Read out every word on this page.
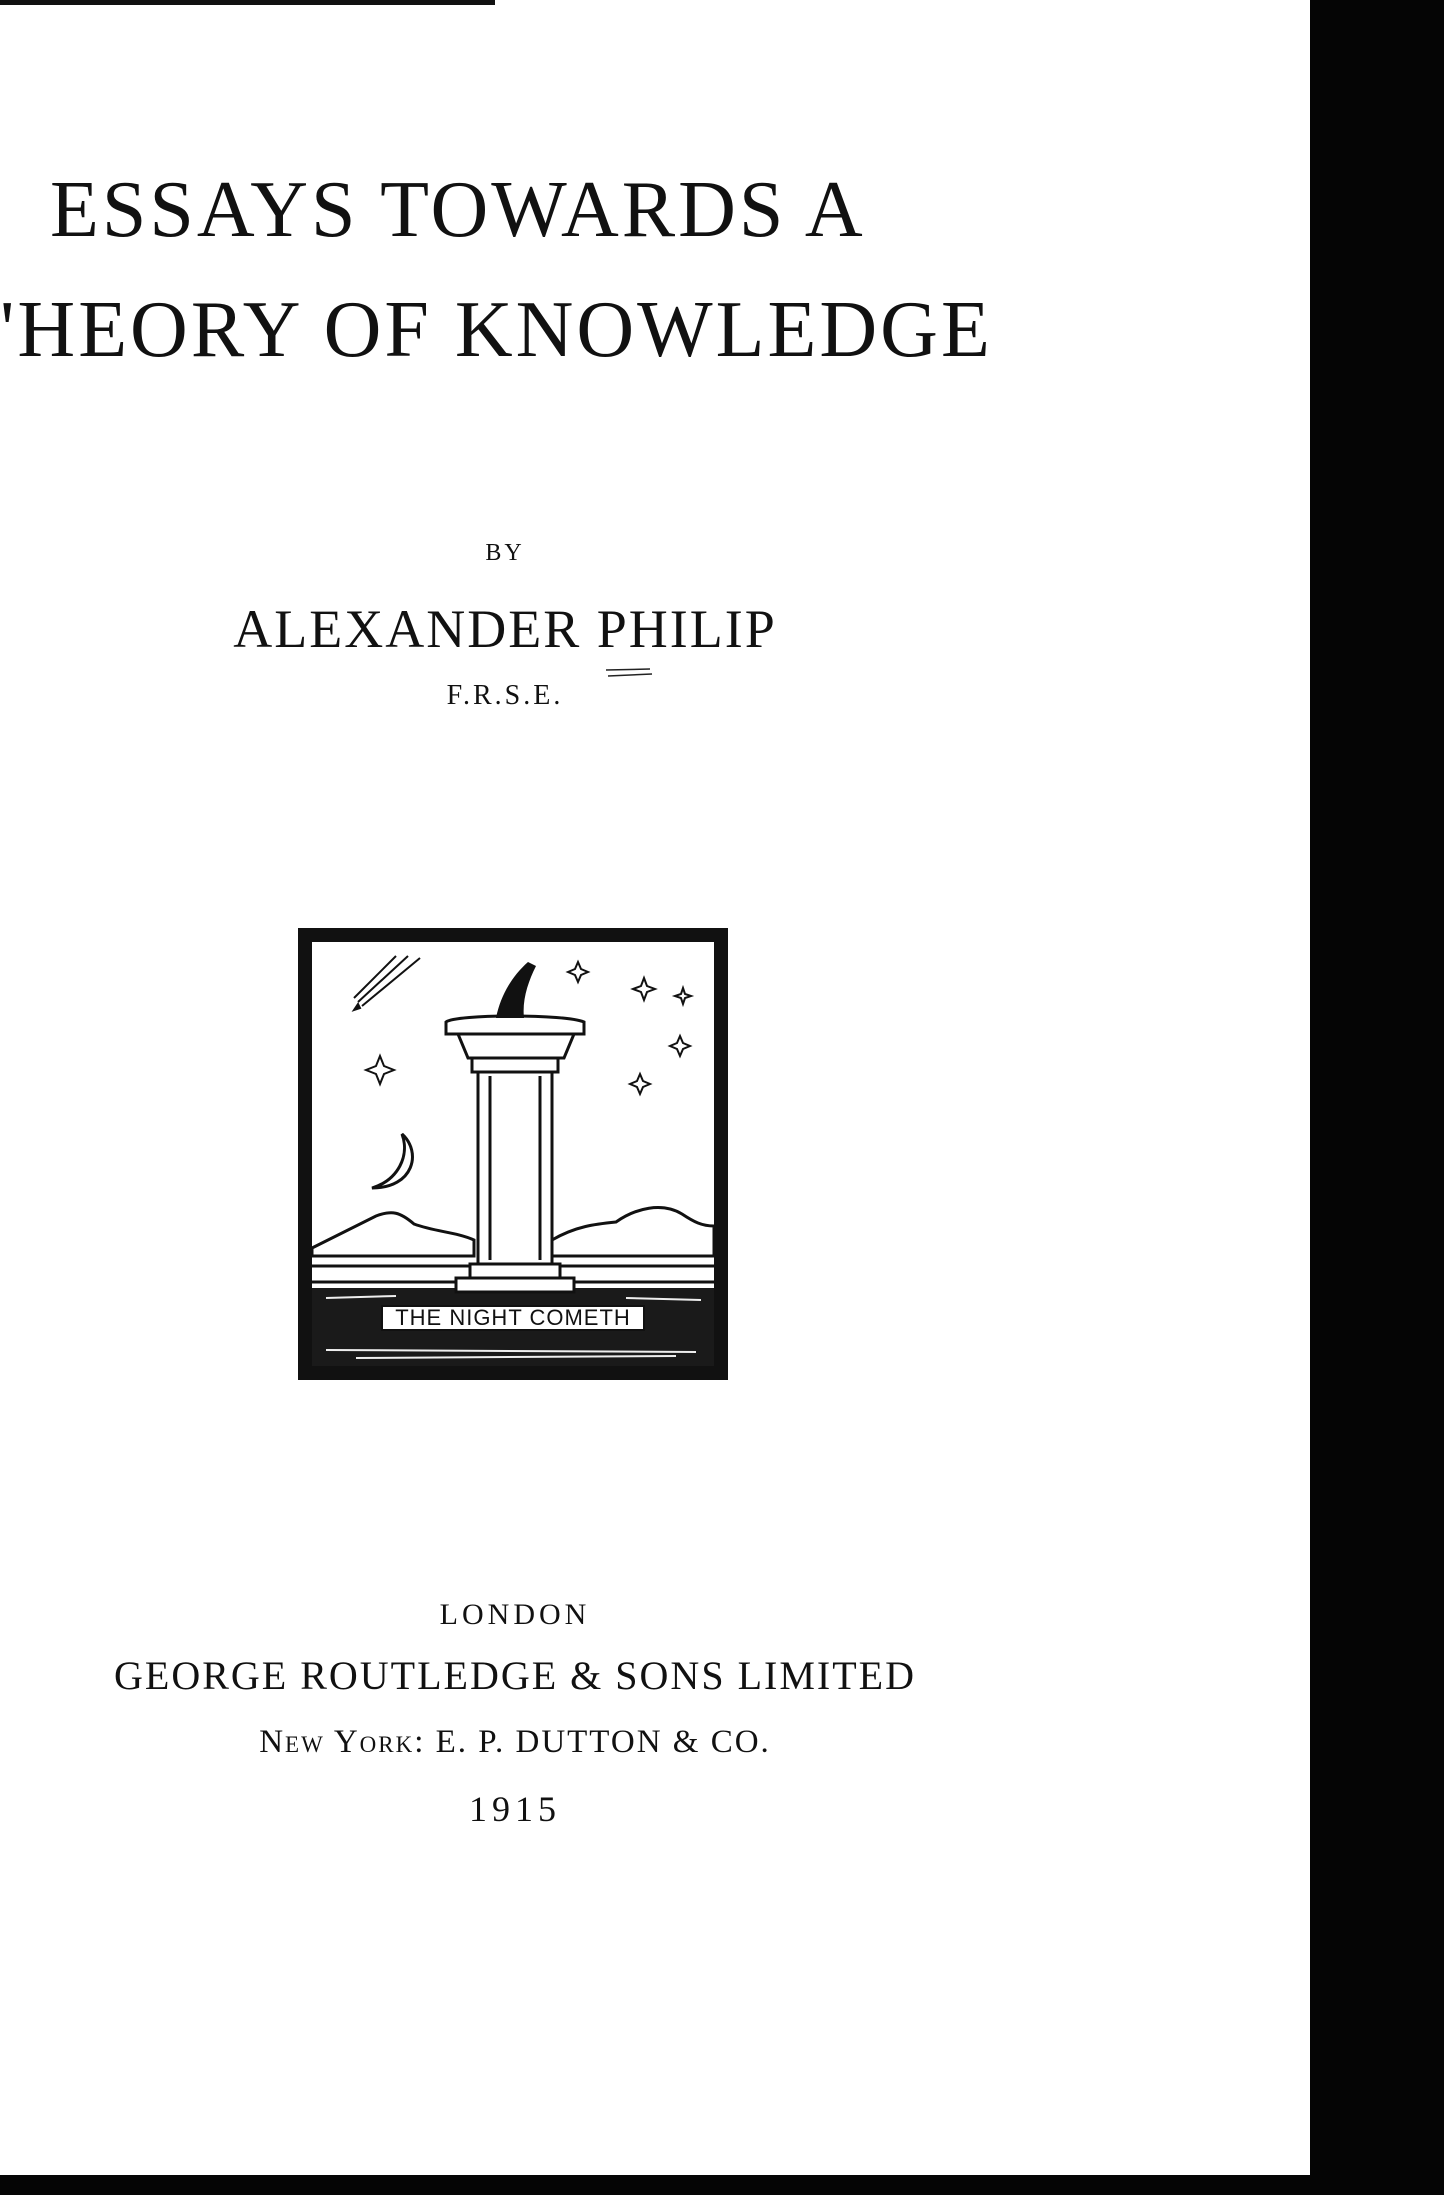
ESSAYS TOWARDS A
'HEORY OF KNOWLEDGE
BY
ALEXANDER PHILIP
F.R.S.E.
THE NIGHT COMETH
LONDON
GEORGE ROUTLEDGE & SONS LIMITED
New York: E. P. DUTTON & CO.
1915
